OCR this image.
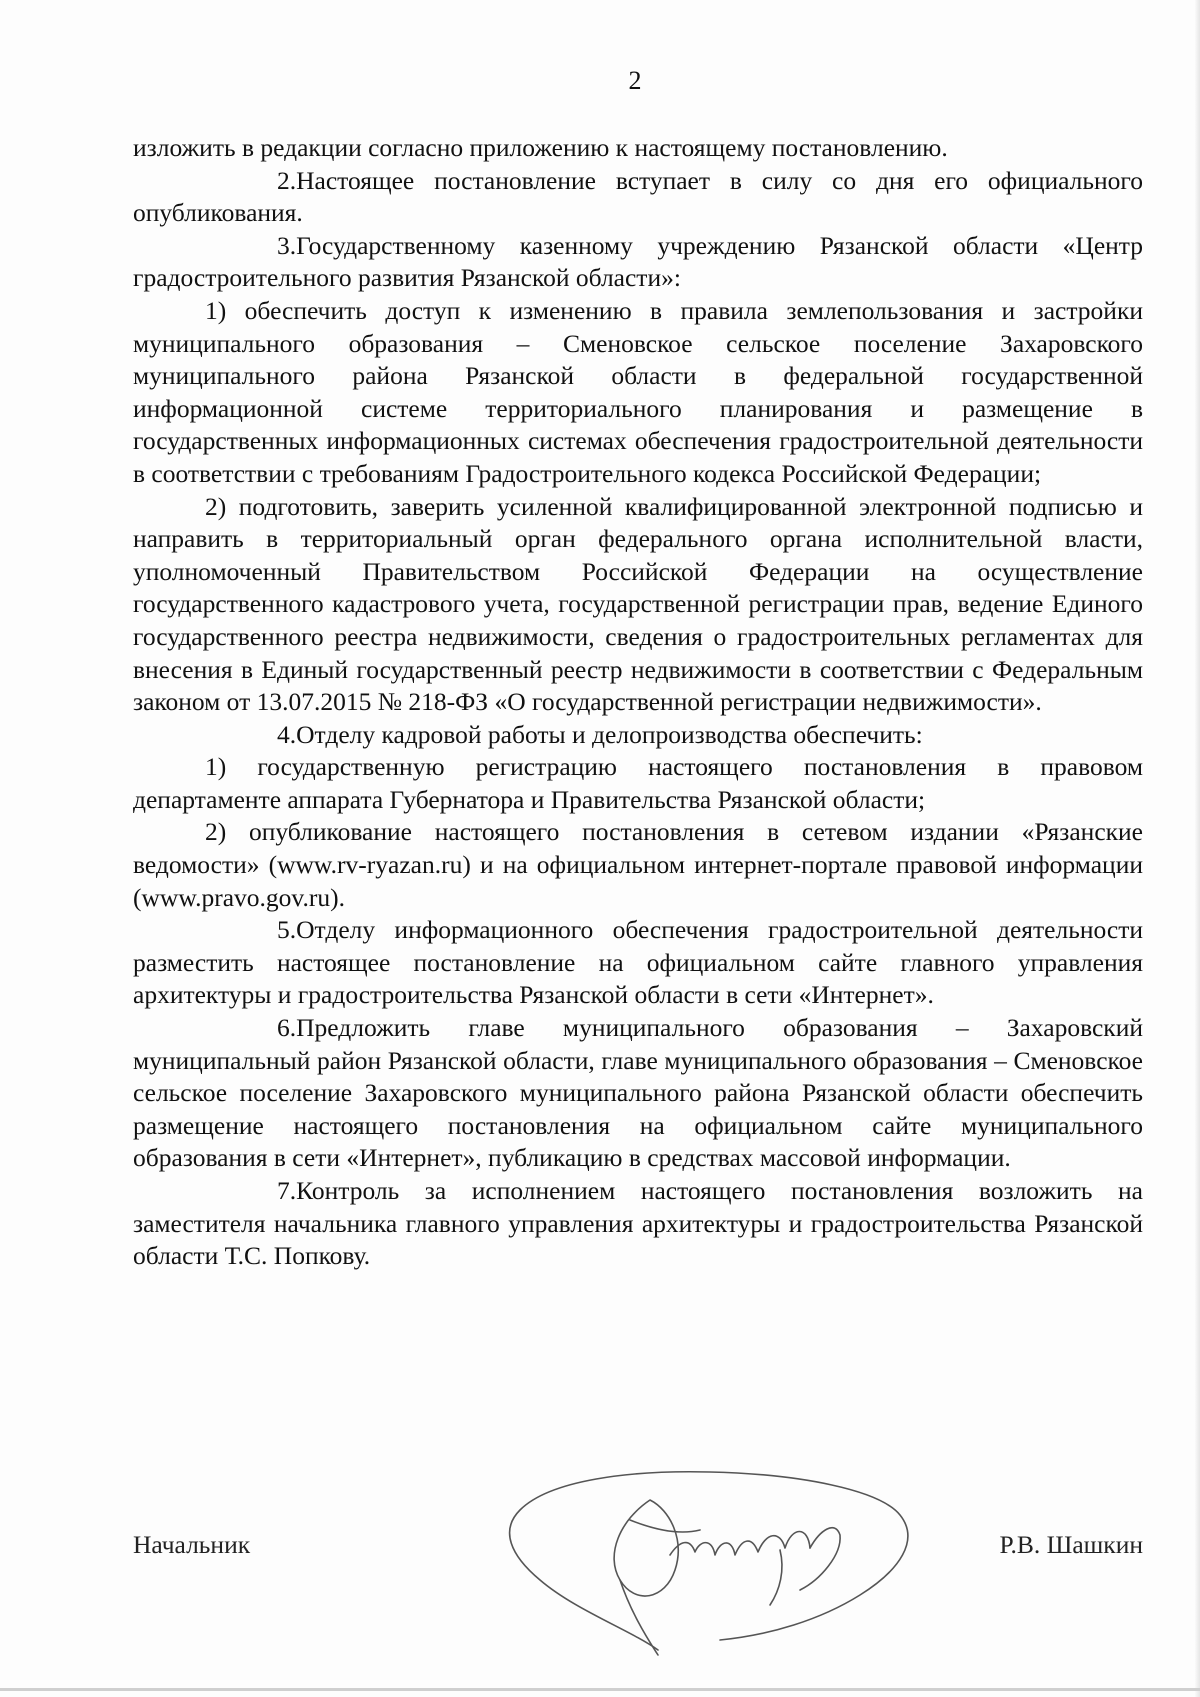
2

изложить в редакции согласно приложению к настоящему постановлению.

2.Настоящее постановление вступает в силу со дня его официального опубликования.

3.Государственному казенному учреждению Рязанской области «Центр градостроительного развития Рязанской области»:

1) обеспечить доступ к изменению в правила землепользования и застройки муниципального образования – Сменовское сельское поселение Захаровского муниципального района Рязанской области в федеральной государственной информационной системе территориального планирования и размещение в государственных информационных системах обеспечения градостроительной деятельности в соответствии с требованиям Градостроительного кодекса Российской Федерации;

2) подготовить, заверить усиленной квалифицированной электронной подписью и направить в территориальный орган федерального органа исполнительной власти, уполномоченный Правительством Российской Федерации на осуществление государственного кадастрового учета, государственной регистрации прав, ведение Единого государственного реестра недвижимости, сведения о градостроительных регламентах для внесения в Единый государственный реестр недвижимости в соответствии с Федеральным законом от 13.07.2015 № 218-ФЗ «О государственной регистрации недвижимости».

4.Отделу кадровой работы и делопроизводства обеспечить:

1) государственную регистрацию настоящего постановления в правовом департаменте аппарата Губернатора и Правительства Рязанской области;

2) опубликование настоящего постановления в сетевом издании «Рязанские ведомости» (www.rv-ryazan.ru) и на официальном интернет-портале правовой информации (www.pravo.gov.ru).

5.Отделу информационного обеспечения градостроительной деятельности разместить настоящее постановление на официальном сайте главного управления архитектуры и градостроительства Рязанской области в сети «Интернет».

6.Предложить главе муниципального образования – Захаровский муниципальный район Рязанской области, главе муниципального образования – Сменовское сельское поселение Захаровского муниципального района Рязанской области обеспечить размещение настоящего постановления на официальном сайте муниципального образования в сети «Интернет», публикацию в средствах массовой информации.

7.Контроль за исполнением настоящего постановления возложить на заместителя начальника главного управления архитектуры и градостроительства Рязанской области Т.С. Попкову.

Начальник	Р.В. Шашкин
